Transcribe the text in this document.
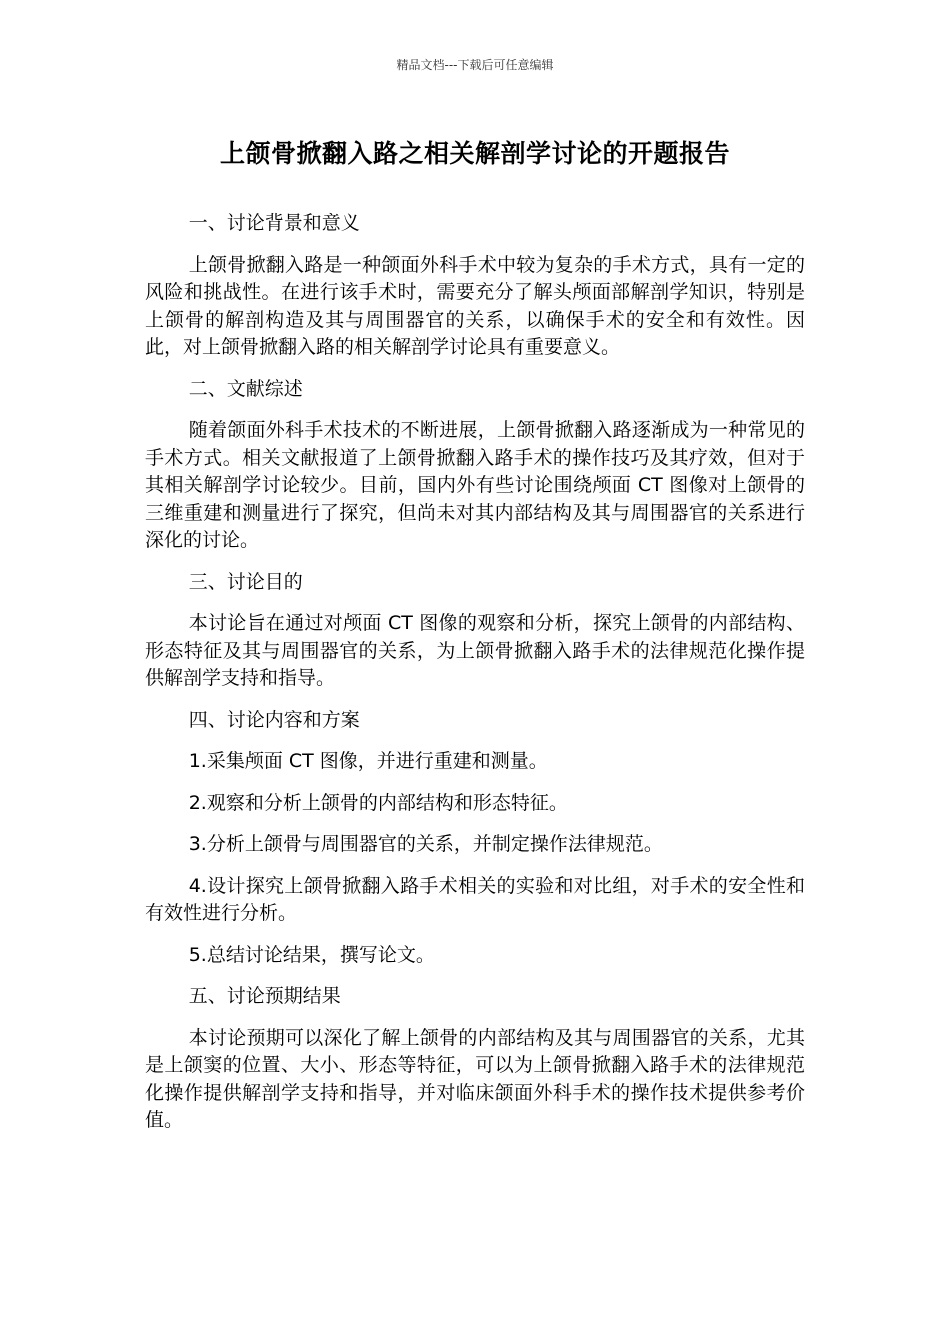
精品文档---下载后可任意编辑
上颌骨掀翻入路之相关解剖学讨论的开题报告
一、讨论背景和意义
上颌骨掀翻入路是一种颌面外科手术中较为复杂的手术方式，具有一定的风险和挑战性。在进行该手术时，需要充分了解头颅面部解剖学知识，特别是上颌骨的解剖构造及其与周围器官的关系，以确保手术的安全和有效性。因此，对上颌骨掀翻入路的相关解剖学讨论具有重要意义。
二、文献综述
随着颌面外科手术技术的不断进展，上颌骨掀翻入路逐渐成为一种常见的手术方式。相关文献报道了上颌骨掀翻入路手术的操作技巧及其疗效，但对于其相关解剖学讨论较少。目前，国内外有些讨论围绕颅面 CT 图像对上颌骨的三维重建和测量进行了探究，但尚未对其内部结构及其与周围器官的关系进行深化的讨论。
三、讨论目的
本讨论旨在通过对颅面 CT 图像的观察和分析，探究上颌骨的内部结构、形态特征及其与周围器官的关系，为上颌骨掀翻入路手术的法律规范化操作提供解剖学支持和指导。
四、讨论内容和方案
1.采集颅面 CT 图像，并进行重建和测量。
2.观察和分析上颌骨的内部结构和形态特征。
3.分析上颌骨与周围器官的关系，并制定操作法律规范。
4.设计探究上颌骨掀翻入路手术相关的实验和对比组，对手术的安全性和有效性进行分析。
5.总结讨论结果，撰写论文。
五、讨论预期结果
本讨论预期可以深化了解上颌骨的内部结构及其与周围器官的关系，尤其是上颌窦的位置、大小、形态等特征，可以为上颌骨掀翻入路手术的法律规范化操作提供解剖学支持和指导，并对临床颌面外科手术的操作技术提供参考价值。
